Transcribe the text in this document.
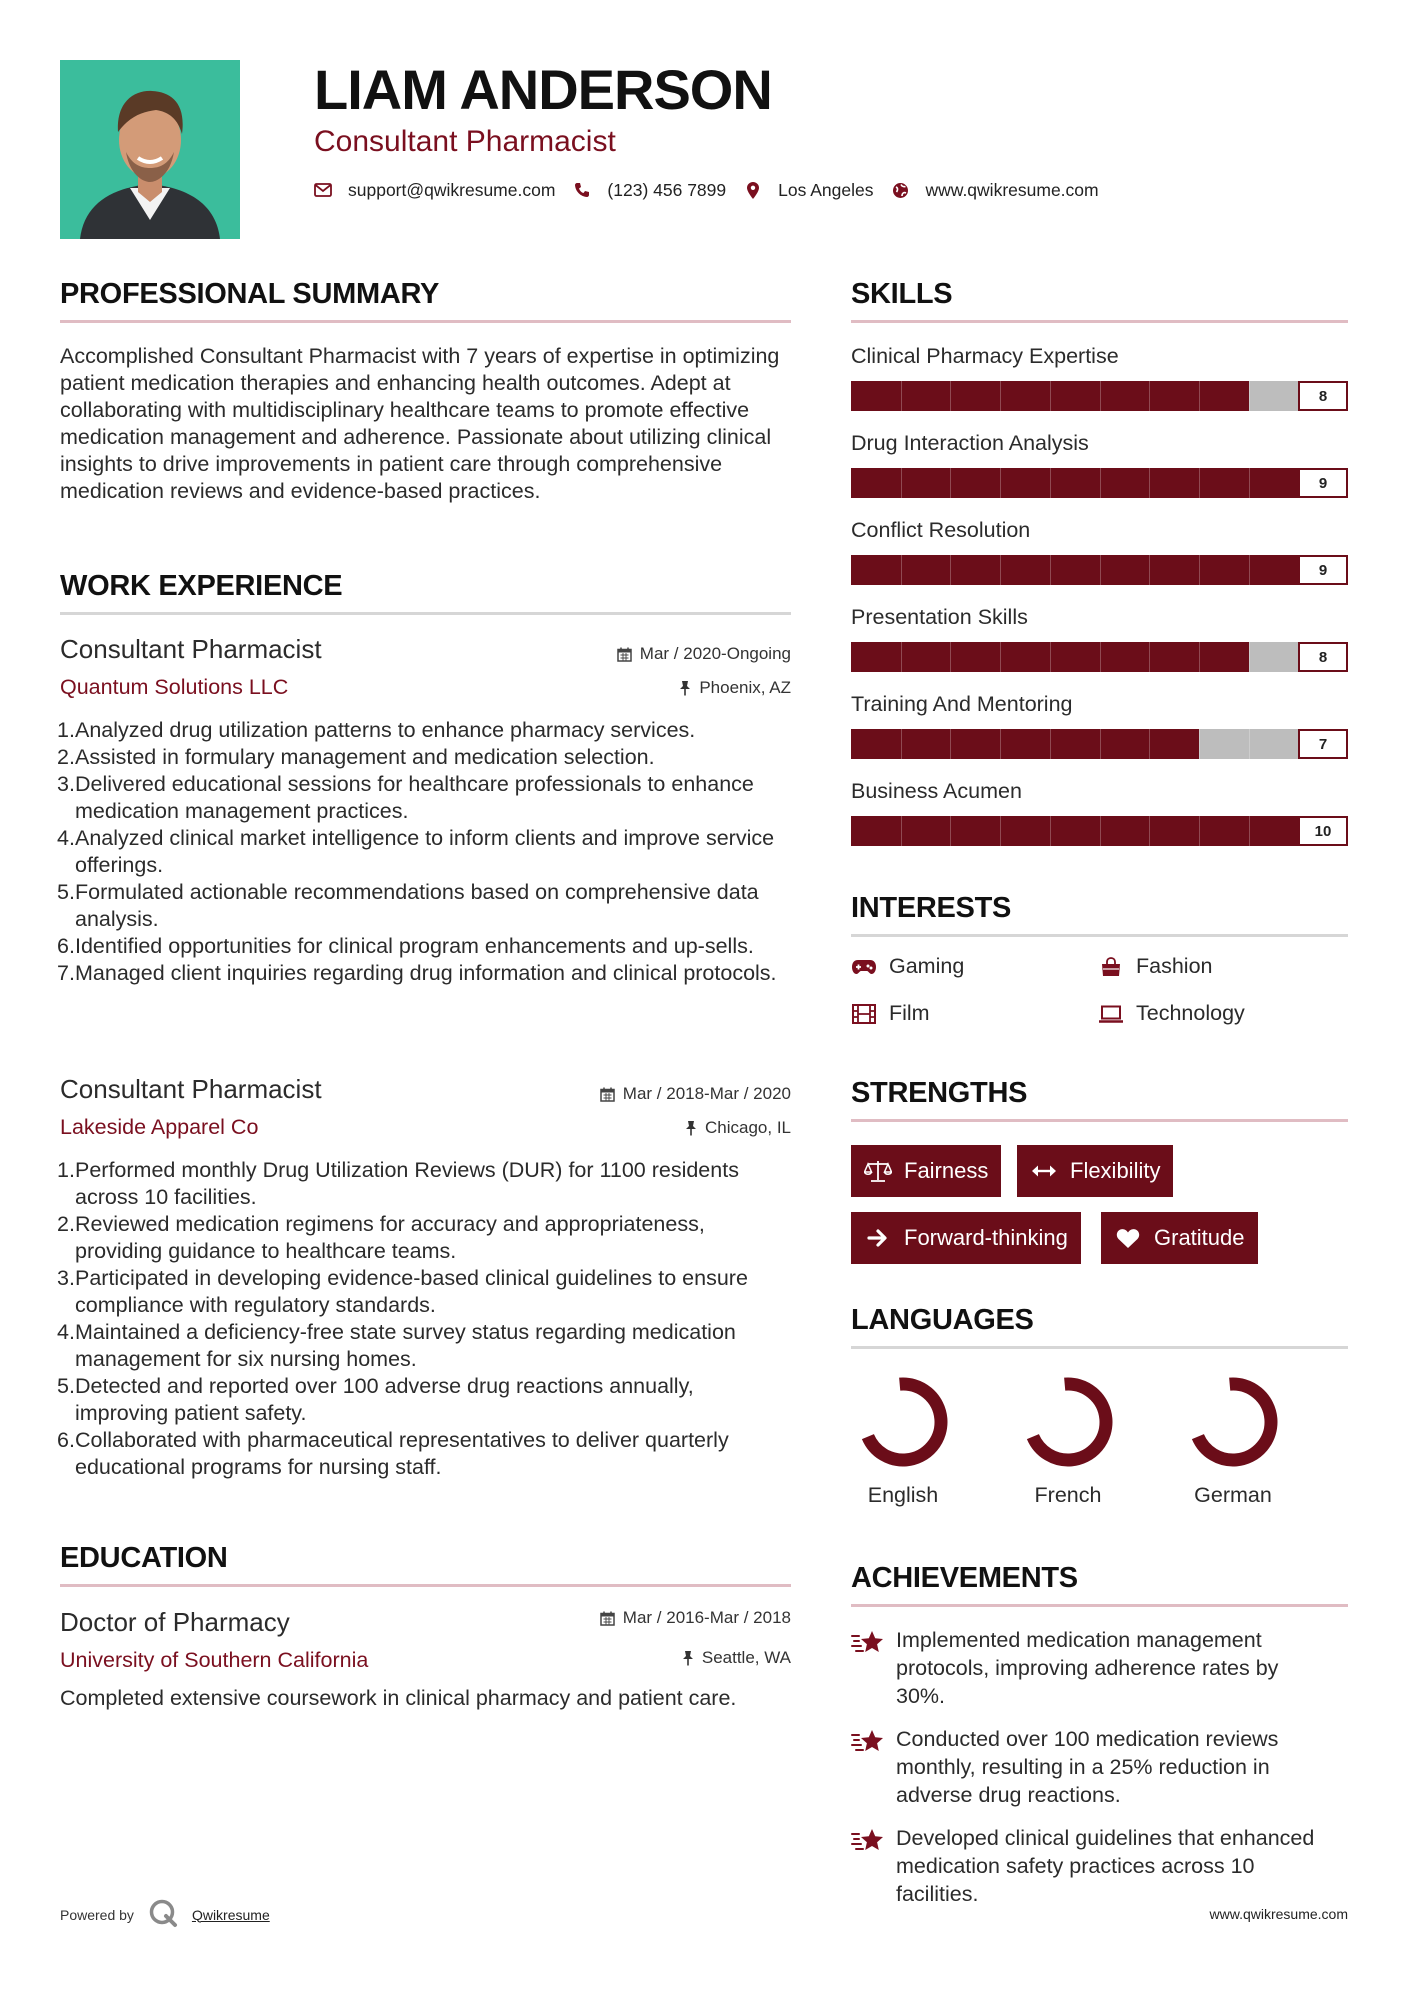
LIAM ANDERSON
Consultant Pharmacist
support@qwikresume.com	(123) 456 7899	Los Angeles	www.qwikresume.com
PROFESSIONAL SUMMARY
Accomplished Consultant Pharmacist with 7 years of expertise in optimizing patient medication therapies and enhancing health outcomes. Adept at collaborating with multidisciplinary healthcare teams to promote effective medication management and adherence. Passionate about utilizing clinical insights to drive improvements in patient care through comprehensive medication reviews and evidence-based practices.
WORK EXPERIENCE
Consultant Pharmacist	Mar / 2020-Ongoing
Quantum Solutions LLC	Phoenix, AZ
1. Analyzed drug utilization patterns to enhance pharmacy services.
2. Assisted in formulary management and medication selection.
3. Delivered educational sessions for healthcare professionals to enhance medication management practices.
4. Analyzed clinical market intelligence to inform clients and improve service offerings.
5. Formulated actionable recommendations based on comprehensive data analysis.
6. Identified opportunities for clinical program enhancements and up-sells.
7. Managed client inquiries regarding drug information and clinical protocols.
Consultant Pharmacist	Mar / 2018-Mar / 2020
Lakeside Apparel Co	Chicago, IL
1. Performed monthly Drug Utilization Reviews (DUR) for 1100 residents across 10 facilities.
2. Reviewed medication regimens for accuracy and appropriateness, providing guidance to healthcare teams.
3. Participated in developing evidence-based clinical guidelines to ensure compliance with regulatory standards.
4. Maintained a deficiency-free state survey status regarding medication management for six nursing homes.
5. Detected and reported over 100 adverse drug reactions annually, improving patient safety.
6. Collaborated with pharmaceutical representatives to deliver quarterly educational programs for nursing staff.
EDUCATION
Doctor of Pharmacy	Mar / 2016-Mar / 2018
University of Southern California	Seattle, WA
Completed extensive coursework in clinical pharmacy and patient care.
SKILLS
Clinical Pharmacy Expertise
8
Drug Interaction Analysis
9
Conflict Resolution
9
Presentation Skills
8
Training And Mentoring
7
Business Acumen
10
INTERESTS
Gaming	Fashion
Film	Technology
STRENGTHS
Fairness	Flexibility
Forward-thinking	Gratitude
LANGUAGES
English	French	German
ACHIEVEMENTS
Implemented medication management protocols, improving adherence rates by 30%.
Conducted over 100 medication reviews monthly, resulting in a 25% reduction in adverse drug reactions.
Developed clinical guidelines that enhanced medication safety practices across 10 facilities.
Powered by	Qwikresume	www.qwikresume.com
